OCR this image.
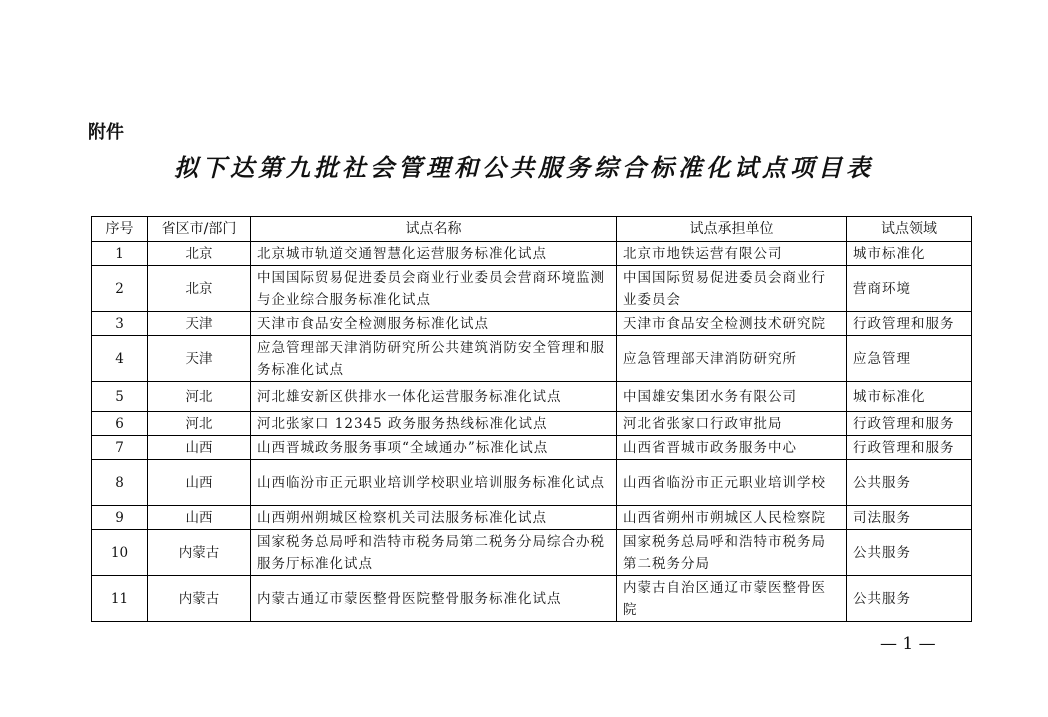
附件
拟下达第九批社会管理和公共服务综合标准化试点项目表
序号	省区市/部门	试点名称	试点承担单位	试点领域
1	北京	北京城市轨道交通智慧化运营服务标准化试点	北京市地铁运营有限公司	城市标准化
2	北京	中国国际贸易促进委员会商业行业委员会营商环境监测与企业综合服务标准化试点	中国国际贸易促进委员会商业行业委员会	营商环境
3	天津	天津市食品安全检测服务标准化试点	天津市食品安全检测技术研究院	行政管理和服务
4	天津	应急管理部天津消防研究所公共建筑消防安全管理和服务标准化试点	应急管理部天津消防研究所	应急管理
5	河北	河北雄安新区供排水一体化运营服务标准化试点	中国雄安集团水务有限公司	城市标准化
6	河北	河北张家口 12345 政务服务热线标准化试点	河北省张家口行政审批局	行政管理和服务
7	山西	山西晋城政务服务事项“全域通办”标准化试点	山西省晋城市政务服务中心	行政管理和服务
8	山西	山西临汾市正元职业培训学校职业培训服务标准化试点	山西省临汾市正元职业培训学校	公共服务
9	山西	山西朔州朔城区检察机关司法服务标准化试点	山西省朔州市朔城区人民检察院	司法服务
10	内蒙古	国家税务总局呼和浩特市税务局第二税务分局综合办税服务厅标准化试点	国家税务总局呼和浩特市税务局第二税务分局	公共服务
11	内蒙古	内蒙古通辽市蒙医整骨医院整骨服务标准化试点	内蒙古自治区通辽市蒙医整骨医院	公共服务
— 1 —
